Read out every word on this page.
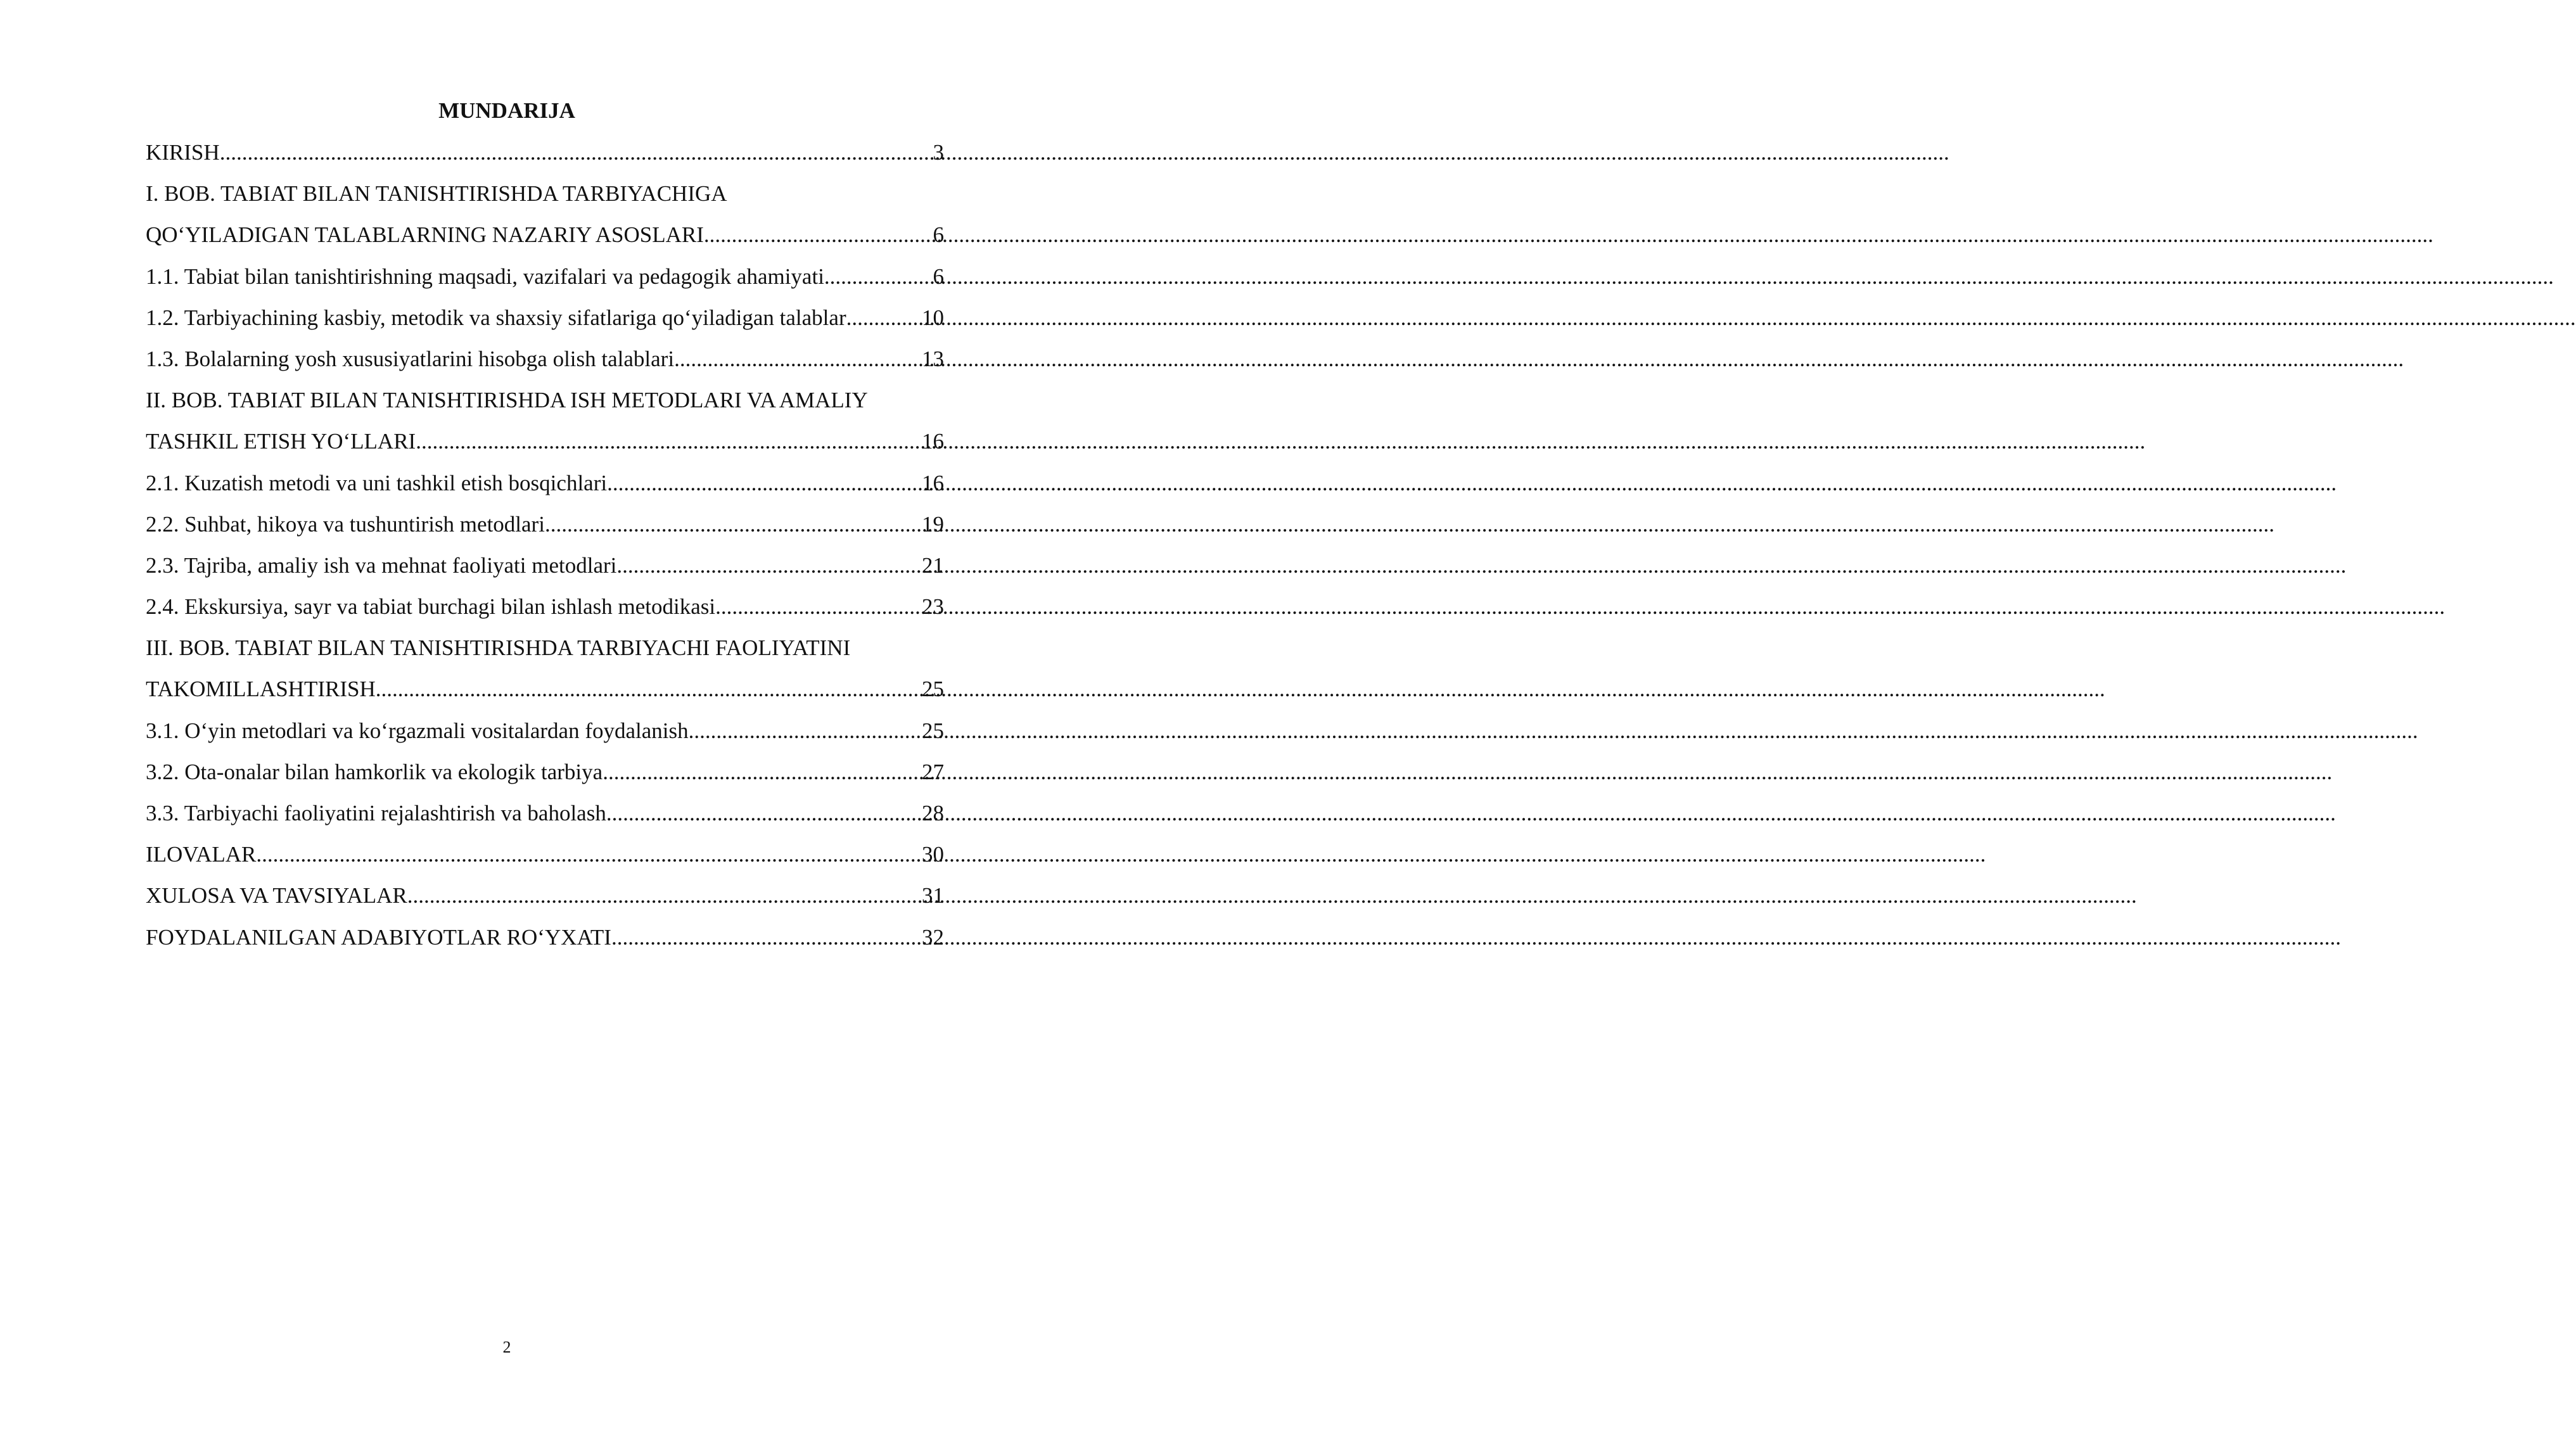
MUNDARIJA
KIRISH .....	3
I. BOB. TABIAT BILAN TANISHTIRISHDA TARBIYACHIGA
QO‘YILADIGAN TALABLARNING NAZARIY ASOSLARI .....	6
1.1. Tabiat bilan tanishtirishning maqsadi, vazifalari va pedagogik ahamiyati .....	6
1.2. Tarbiyachining kasbiy, metodik va shaxsiy sifatlariga qo‘yiladigan talablar .....	10
1.3. Bolalarning yosh xususiyatlarini hisobga olish talablari .....	13
II. BOB. TABIAT BILAN TANISHTIRISHDA ISH METODLARI VA AMALIY
TASHKIL ETISH YO‘LLARI .....	16
2.1. Kuzatish metodi va uni tashkil etish bosqichlari .....	16
2.2. Suhbat, hikoya va tushuntirish metodlari .....	19
2.3. Tajriba, amaliy ish va mehnat faoliyati metodlari .....	21
2.4. Ekskursiya, sayr va tabiat burchagi bilan ishlash metodikasi .....	23
III. BOB. TABIAT BILAN TANISHTIRISHDA TARBIYACHI FAOLIYATINI
TAKOMILLASHTIRISH .....	25
3.1. O‘yin metodlari va ko‘rgazmali vositalardan foydalanish .....	25
3.2. Ota-onalar bilan hamkorlik va ekologik tarbiya .....	27
3.3. Tarbiyachi faoliyatini rejalashtirish va baholash .....	28
ILOVALAR .....	30
XULOSA VA TAVSIYALAR .....	31
FOYDALANILGAN ADABIYOTLAR RO‘YXATI .....	32
2
